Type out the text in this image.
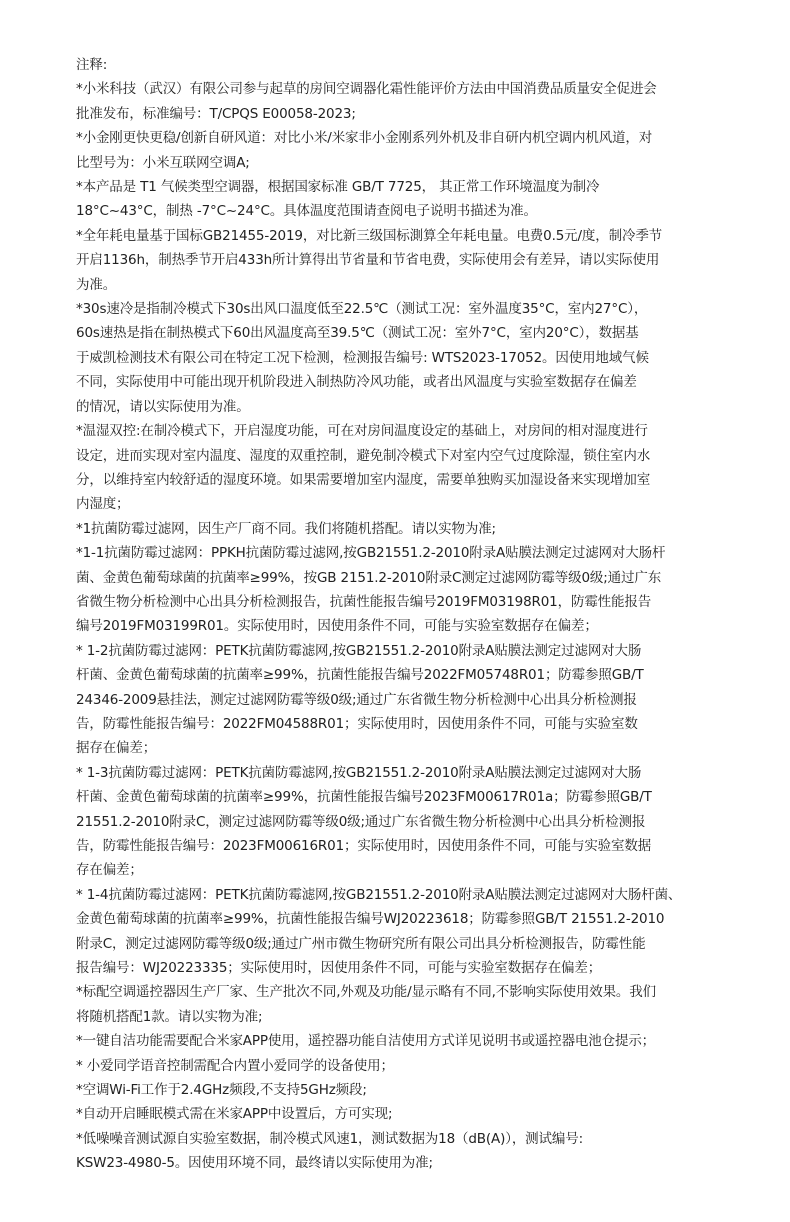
注释:
*小米科技（武汉）有限公司参与起草的房间空调器化霜性能评价方法由中国消费品质量安全促进会
批准发布，标准编号：T/CPQS E00058-2023;
*小金刚更快更稳/创新自研风道：对比小米/米家非小金刚系列外机及非自研内机空调内机风道，对
比型号为：小米互联网空调A;
*本产品是 T1 气候类型空调器，根据国家标准 GB/T 7725， 其正常工作环境温度为制冷
18°C~43°C，制热 -7°C~24°C。具体温度范围请查阅电子说明书描述为准。
*全年耗电量基于国标GB21455-2019，对比新三级国标測算全年耗电量。电费0.5元/度，制冷季节
开启1136h，制热季节开启433h所计算得出节省量和节省电费，实际使用会有差异，请以实际使用
为准。
*30s速冷是指制冷模式下30s出风口温度低至22.5℃（测试工况：室外温度35°C，室内27°C），
60s速热是指在制热模式下60出风温度高至39.5℃（测试工况：室外7°C，室内20°C），数据基
于威凯检测技术有限公司在特定工况下检测，检测报告编号: WTS2023-17052。因使用地域气候
不同，实际使用中可能出现开机阶段进入制热防冷风功能，或者出风温度与实验室数据存在偏差
的情况，请以实际使用为准。
*温湿双控:在制冷模式下，开启湿度功能，可在对房间温度设定的基础上，对房间的相对湿度进行
设定，进而实现对室内温度、湿度的双重控制，避免制冷模式下对室内空气过度除湿，锁住室内水
分，以维持室内较舒适的湿度环境。如果需要增加室内湿度，需要单独购买加湿设备来实现增加室
内湿度；
*1抗菌防霉过滤网，因生产厂商不同。我们将随机搭配。请以实物为准;
*1-1抗菌防霉过滤网：PPKH抗菌防霉过滤网,按GB21551.2-2010附录A贴膜法测定过滤网对大肠杆
菌、金黄色葡萄球菌的抗菌率≥99%，按GB 2151.2-2010附录C测定过滤网防霉等级0级;通过广东
省微生物分析检测中心出具分析检测报告，抗菌性能报告编号2019FM03198R01，防霉性能报告
编号2019FM03199R01。实际使用时，因使用条件不同，可能与实验室数据存在偏差；
* 1-2抗菌防霉过滤网：PETK抗菌防霉滤网,按GB21551.2-2010附录A贴膜法测定过滤网对大肠
杆菌、金黄色葡萄球菌的抗菌率≥99%，抗菌性能报告编号2022FM05748R01；防霉参照GB/T
24346-2009悬挂法，测定过滤网防霉等级0级;通过广东省微生物分析检测中心出具分析检测报
告，防霉性能报告编号：2022FM04588R01；实际使用时，因使用条件不同，可能与实验室数
据存在偏差；
* 1-3抗菌防霉过滤网：PETK抗菌防霉滤网,按GB21551.2-2010附录A贴膜法测定过滤网对大肠
杆菌、金黄色葡萄球菌的抗菌率≥99%，抗菌性能报告编号2023FM00617R01a；防霉参照GB/T
21551.2-2010附录C，测定过滤网防霉等级0级;通过广东省微生物分析检测中心出具分析检测报
告，防霉性能报告编号：2023FM00616R01；实际使用时，因使用条件不同，可能与实验室数据
存在偏差；
* 1-4抗菌防霉过滤网：PETK抗菌防霉滤网,按GB21551.2-2010附录A贴膜法测定过滤网对大肠杆菌、
金黄色葡萄球菌的抗菌率≥99%，抗菌性能报告编号WJ20223618；防霉参照GB/T 21551.2-2010
附录C，测定过滤网防霉等级0级;通过广州市微生物研究所有限公司出具分析检测报告，防霉性能
报告编号：WJ20223335；实际使用时，因使用条件不同，可能与实验室数据存在偏差；
*标配空调遥控器因生产厂家、生产批次不同,外观及功能/显示略有不同,不影响实际使用效果。我们
将随机搭配1款。请以实物为准;
*一键自洁功能需要配合米家APP使用，遥控器功能自洁使用方式详见说明书或遥控器电池仓提示；
* 小爱同学语音控制需配合内置小爱同学的设备使用；
*空调Wi-Fi工作于2.4GHz频段,不支持5GHz频段;
*自动开启睡眠模式需在米家APP中设置后，方可实现;
*低噪噪音测试源自实验室数据，制冷模式风速1，测试数据为18（dB(A)），测试编号:
KSW23-4980-5。因使用环境不同，最终请以实际使用为准;
